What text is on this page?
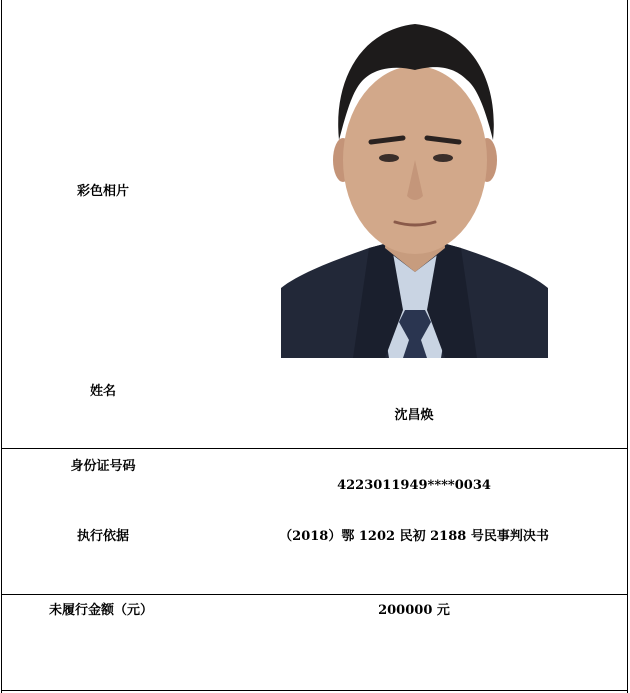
彩色相片
姓名
沈昌焕
身份证号码
4223011949****0034
执行依据	（2018）鄂 1202 民初 2188 号民事判决书
未履行金额（元）	200000 元
